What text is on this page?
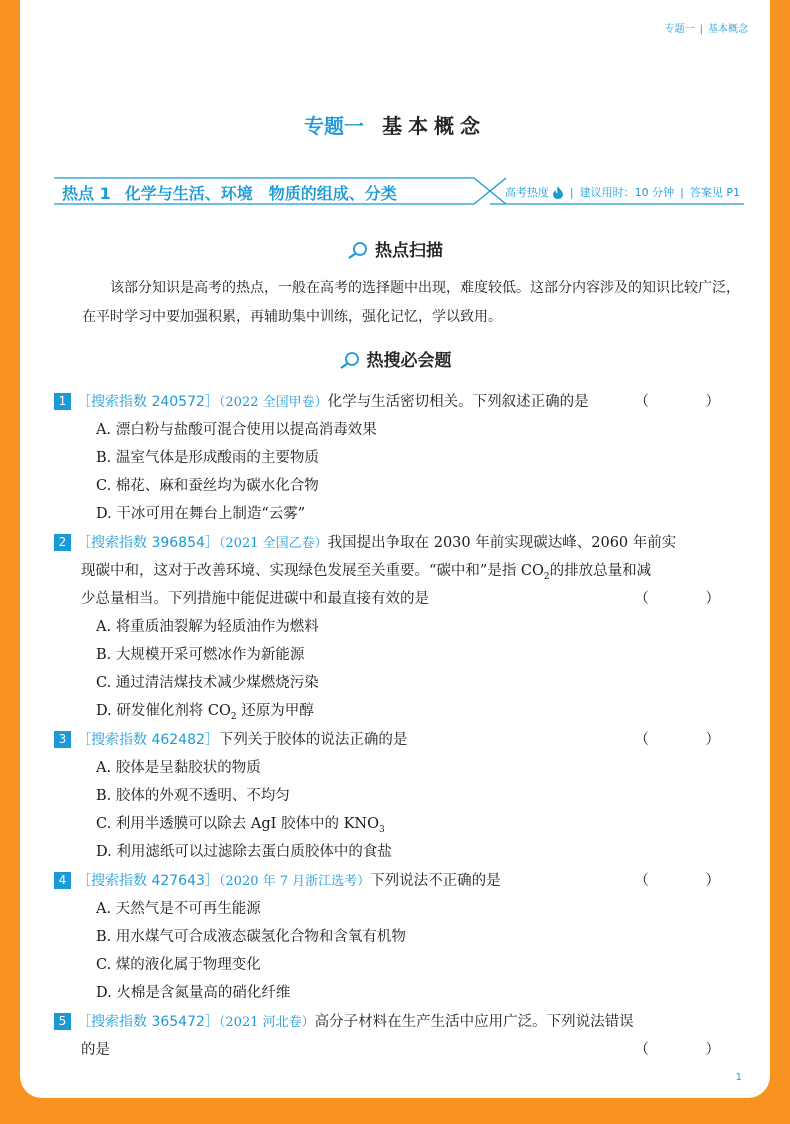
专题一 | 基本概念
专题一 基本概念
热点 1 化学与生活、环境 物质的组成、分类	高考热度 | 建议用时：10 分钟 | 答案见 P1
热点扫描

该部分知识是高考的热点，一般在高考的选择题中出现，难度较低。这部分内容涉及的知识比较广泛，在平时学习中要加强积累，再辅助集中训练，强化记忆，学以致用。

热搜必会题
1 ［搜索指数 240572］（2022 全国甲卷）化学与生活密切相关。下列叙述正确的是	（ ）
A. 漂白粉与盐酸可混合使用以提高消毒效果
B. 温室气体是形成酸雨的主要物质
C. 棉花、麻和蚕丝均为碳水化合物
D. 干冰可用在舞台上制造“云雾”
2 ［搜索指数 396854］（2021 全国乙卷）我国提出争取在 2030 年前实现碳达峰、2060 年前实
现碳中和，这对于改善环境、实现绿色发展至关重要。“碳中和”是指 $CO_2$的排放总量和减
少总量相当。下列措施中能促进碳中和最直接有效的是	（ ）
A. 将重质油裂解为轻质油作为燃料
B. 大规模开采可燃冰作为新能源
C. 通过清洁煤技术减少煤燃烧污染
D. 研发催化剂将 $CO_2$ 还原为甲醇
3 ［搜索指数 462482］下列关于胶体的说法正确的是	（ ）
A. 胶体是呈黏胶状的物质
B. 胶体的外观不透明、不均匀
C. 利用半透膜可以除去 AgI 胶体中的 $KNO_3$
D. 利用滤纸可以过滤除去蛋白质胶体中的食盐
4 ［搜索指数 427643］（2020 年 7 月浙江选考）下列说法不正确的是	（ ）
A. 天然气是不可再生能源
B. 用水煤气可合成液态碳氢化合物和含氧有机物
C. 煤的液化属于物理变化
D. 火棉是含氮量高的硝化纤维
5 ［搜索指数 365472］（2021 河北卷）高分子材料在生产生活中应用广泛。下列说法错误
的是	（ ）
1
